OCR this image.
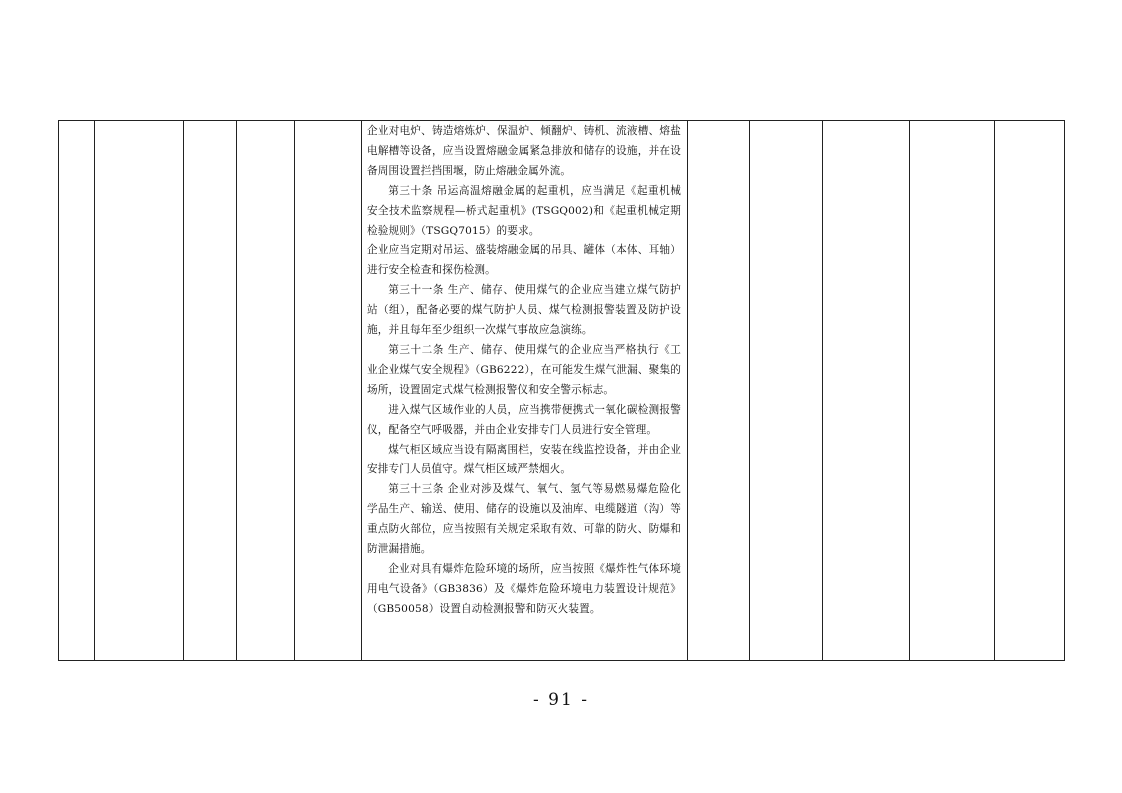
企业对电炉、铸造熔炼炉、保温炉、倾翻炉、铸机、流液槽、熔盐电解槽等设备，应当设置熔融金属紧急排放和储存的设施，并在设备周围设置拦挡围堰，防止熔融金属外流。

第三十条 吊运高温熔融金属的起重机，应当满足《起重机械安全技术监察规程—桥式起重机》(TSGQ002)和《起重机械定期检验规则》（TSGQ7015）的要求。

企业应当定期对吊运、盛装熔融金属的吊具、罐体（本体、耳轴）进行安全检查和探伤检测。

第三十一条 生产、储存、使用煤气的企业应当建立煤气防护站（组），配备必要的煤气防护人员、煤气检测报警装置及防护设施，并且每年至少组织一次煤气事故应急演练。

第三十二条 生产、储存、使用煤气的企业应当严格执行《工业企业煤气安全规程》（GB6222），在可能发生煤气泄漏、聚集的场所，设置固定式煤气检测报警仪和安全警示标志。

进入煤气区域作业的人员，应当携带便携式一氧化碳检测报警仪，配备空气呼吸器，并由企业安排专门人员进行安全管理。

煤气柜区域应当设有隔离围栏，安装在线监控设备，并由企业安排专门人员值守。煤气柜区域严禁烟火。

第三十三条 企业对涉及煤气、氧气、氢气等易燃易爆危险化学品生产、输送、使用、储存的设施以及油库、电缆隧道（沟）等重点防火部位，应当按照有关规定采取有效、可靠的防火、防爆和防泄漏措施。

企业对具有爆炸危险环境的场所，应当按照《爆炸性气体环境用电气设备》（GB3836）及《爆炸危险环境电力装置设计规范》（GB50058）设置自动检测报警和防灭火装置。

- 91 -
